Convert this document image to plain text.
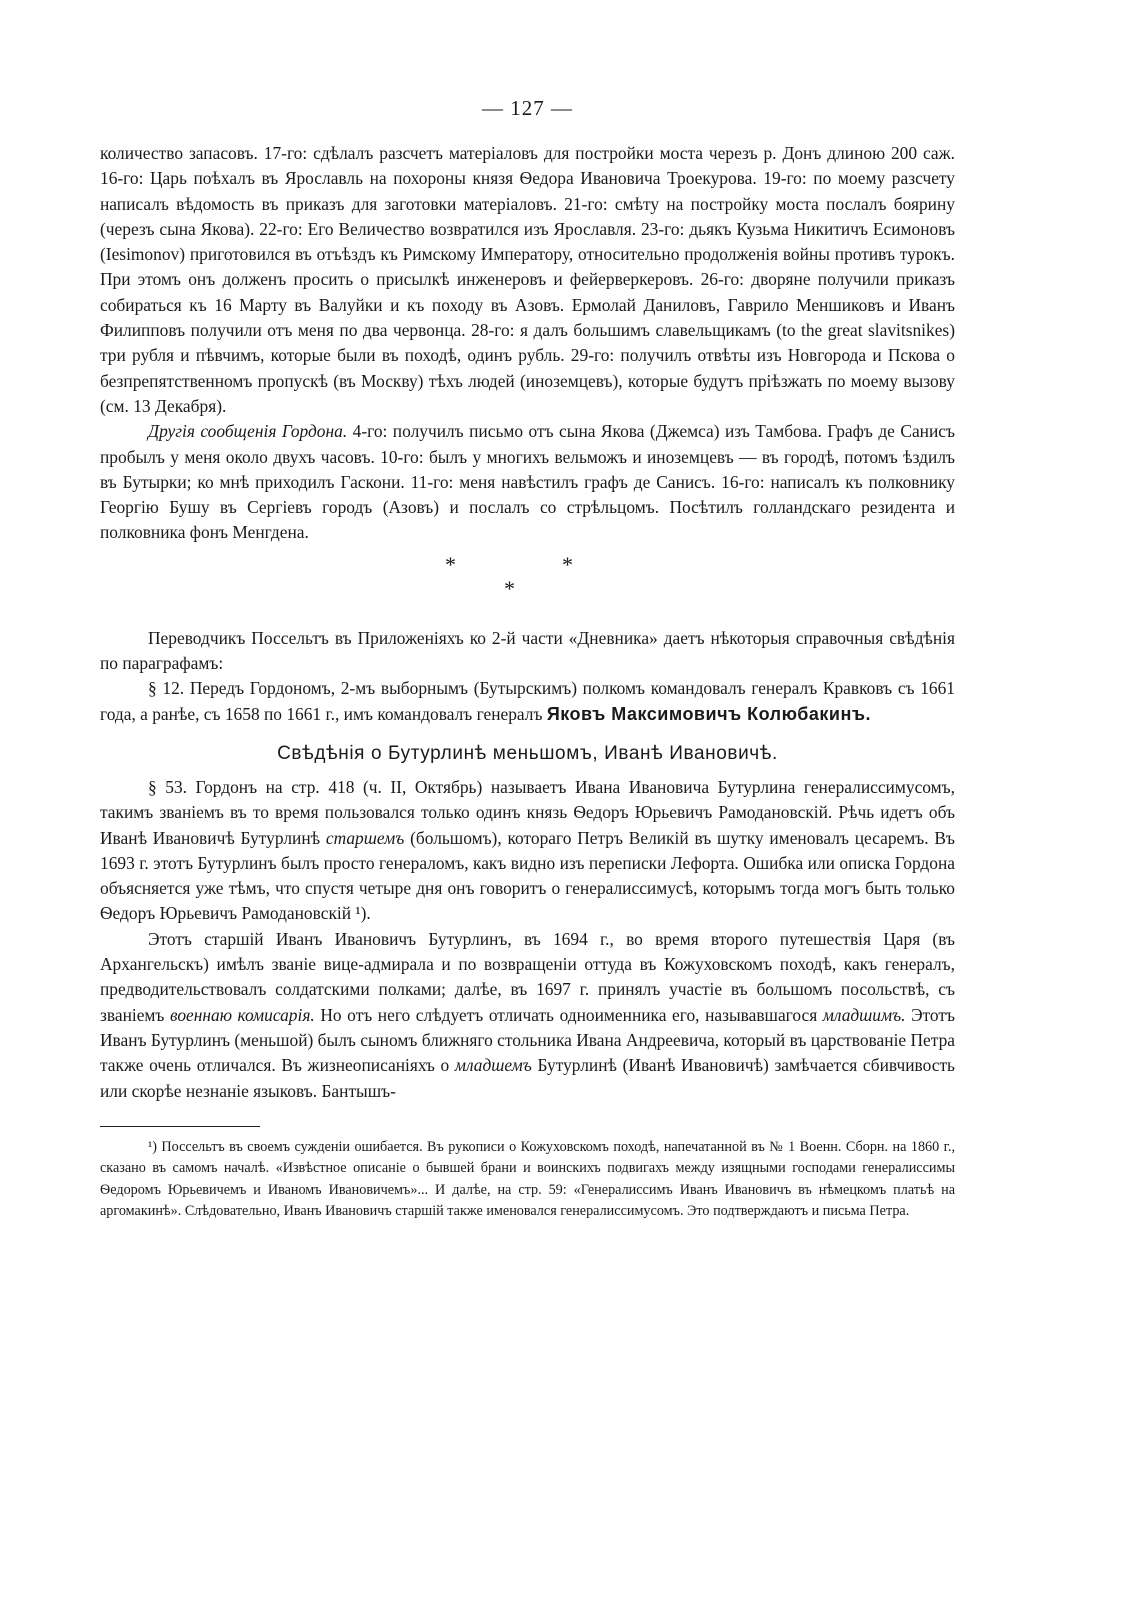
— 127 —

количество запасовъ. 17-го: сдѣлалъ разсчетъ матеріаловъ для постройки моста черезъ р. Донъ длиною 200 саж. 16-го: Царь поѣхалъ въ Ярославль на похороны князя Ѳедора Ивановича Троекурова. 19-го: по моему разсчету написалъ вѣдомость въ приказъ для заготовки матеріаловъ. 21-го: смѣту на постройку моста послалъ боярину (черезъ сына Якова). 22-го: Его Величество возвратился изъ Ярославля. 23-го: дьякъ Кузьма Никитичъ Есимоновъ (Iesimonov) приготовился въ отъѣздъ къ Римскому Императору, относительно продолженія войны противъ турокъ. При этомъ онъ долженъ просить о присылкѣ инженеровъ и фейерверкеровъ. 26-го: дворяне получили приказъ собираться къ 16 Марту въ Валуйки и къ походу въ Азовъ. Ермолай Даниловъ, Гаврило Меншиковъ и Иванъ Филипповъ получили отъ меня по два червонца. 28-го: я далъ большимъ славельщикамъ (to the great slavitsnikes) три рубля и пѣвчимъ, которые были въ походѣ, одинъ рубль. 29-го: получилъ отвѣты изъ Новгорода и Пскова о безпрепятственномъ пропускѣ (въ Москву) тѣхъ людей (иноземцевъ), которые будутъ пріѣзжать по моему вызову (см. 13 Декабря).

Другія сообщенія Гордона. 4-го: получилъ письмо отъ сына Якова (Джемса) изъ Тамбова. Графъ де Санисъ пробылъ у меня около двухъ часовъ. 10-го: былъ у многихъ вельможъ и иноземцевъ — въ городѣ, потомъ ѣздилъ въ Бутырки; ко мнѣ приходилъ Гаскони. 11-го: меня навѣстилъ графъ де Санисъ. 16-го: написалъ къ полковнику Георгію Бушу въ Сергіевъ городъ (Азовъ) и послалъ со стрѣльцомъ. Посѣтилъ голландскаго резидента и полковника фонъ Менгдена.

*	*
*

Переводчикъ Поссельтъ въ Приложеніяхъ ко 2-й части «Дневника» даетъ нѣкоторыя справочныя свѣдѣнія по параграфамъ:

§ 12. Передъ Гордономъ, 2-мъ выборнымъ (Бутырскимъ) полкомъ командовалъ генералъ Кравковъ съ 1661 года, а ранѣе, съ 1658 по 1661 г., имъ командовалъ генералъ Яковъ Максимовичъ Колюбакинъ.

Свѣдѣнія о Бутурлинѣ меньшомъ, Иванѣ Ивановичѣ.

§ 53. Гордонъ на стр. 418 (ч. II, Октябрь) называетъ Ивана Ивановича Бутурлина генералиссимусомъ, такимъ званіемъ въ то время пользовался только одинъ князь Ѳедоръ Юрьевичъ Рамодановскій. Рѣчь идетъ объ Иванѣ Ивановичѣ Бутурлинѣ старшемъ (большомъ), котораго Петръ Великій въ шутку именовалъ цесаремъ. Въ 1693 г. этотъ Бутурлинъ былъ просто генераломъ, какъ видно изъ переписки Лефорта. Ошибка или описка Гордона объясняется уже тѣмъ, что спустя четыре дня онъ говоритъ о генералиссимусѣ, которымъ тогда могъ быть только Ѳедоръ Юрьевичъ Рамодановскій ¹).

Этотъ старшій Иванъ Ивановичъ Бутурлинъ, въ 1694 г., во время второго путешествія Царя (въ Архангельскъ) имѣлъ званіе вице-адмирала и по возвращеніи оттуда въ Кожуховскомъ походѣ, какъ генералъ, предводительствовалъ солдатскими полками; далѣе, въ 1697 г. принялъ участіе въ большомъ посольствѣ, съ званіемъ военнаю комисарія. Но отъ него слѣдуетъ отличать одноименника его, называвшагося младшимъ. Этотъ Иванъ Бутурлинъ (меньшой) былъ сыномъ ближняго стольника Ивана Андреевича, который въ царствованіе Петра также очень отличался. Въ жизнеописаніяхъ о младшемъ Бутурлинѣ (Иванѣ Ивановичѣ) замѣчается сбивчивость или скорѣе незнаніе языковъ. Бантышъ-

¹) Поссельтъ въ своемъ сужденіи ошибается. Въ рукописи о Кожуховскомъ походѣ, напечатанной въ № 1 Военн. Сборн. на 1860 г., сказано въ самомъ началѣ. «Извѣстное описаніе о бывшей брани и воинскихъ подвигахъ между изящными господами генералиссимы Ѳедоромъ Юрьевичемъ и Иваномъ Ивановичемъ»... И далѣе, на стр. 59: «Генералиссимъ Иванъ Ивановичъ въ нѣмецкомъ платьѣ на аргомакинѣ». Слѣдовательно, Иванъ Ивановичъ старшій также именовался генералиссимусомъ. Это подтверждаютъ и письма Петра.
